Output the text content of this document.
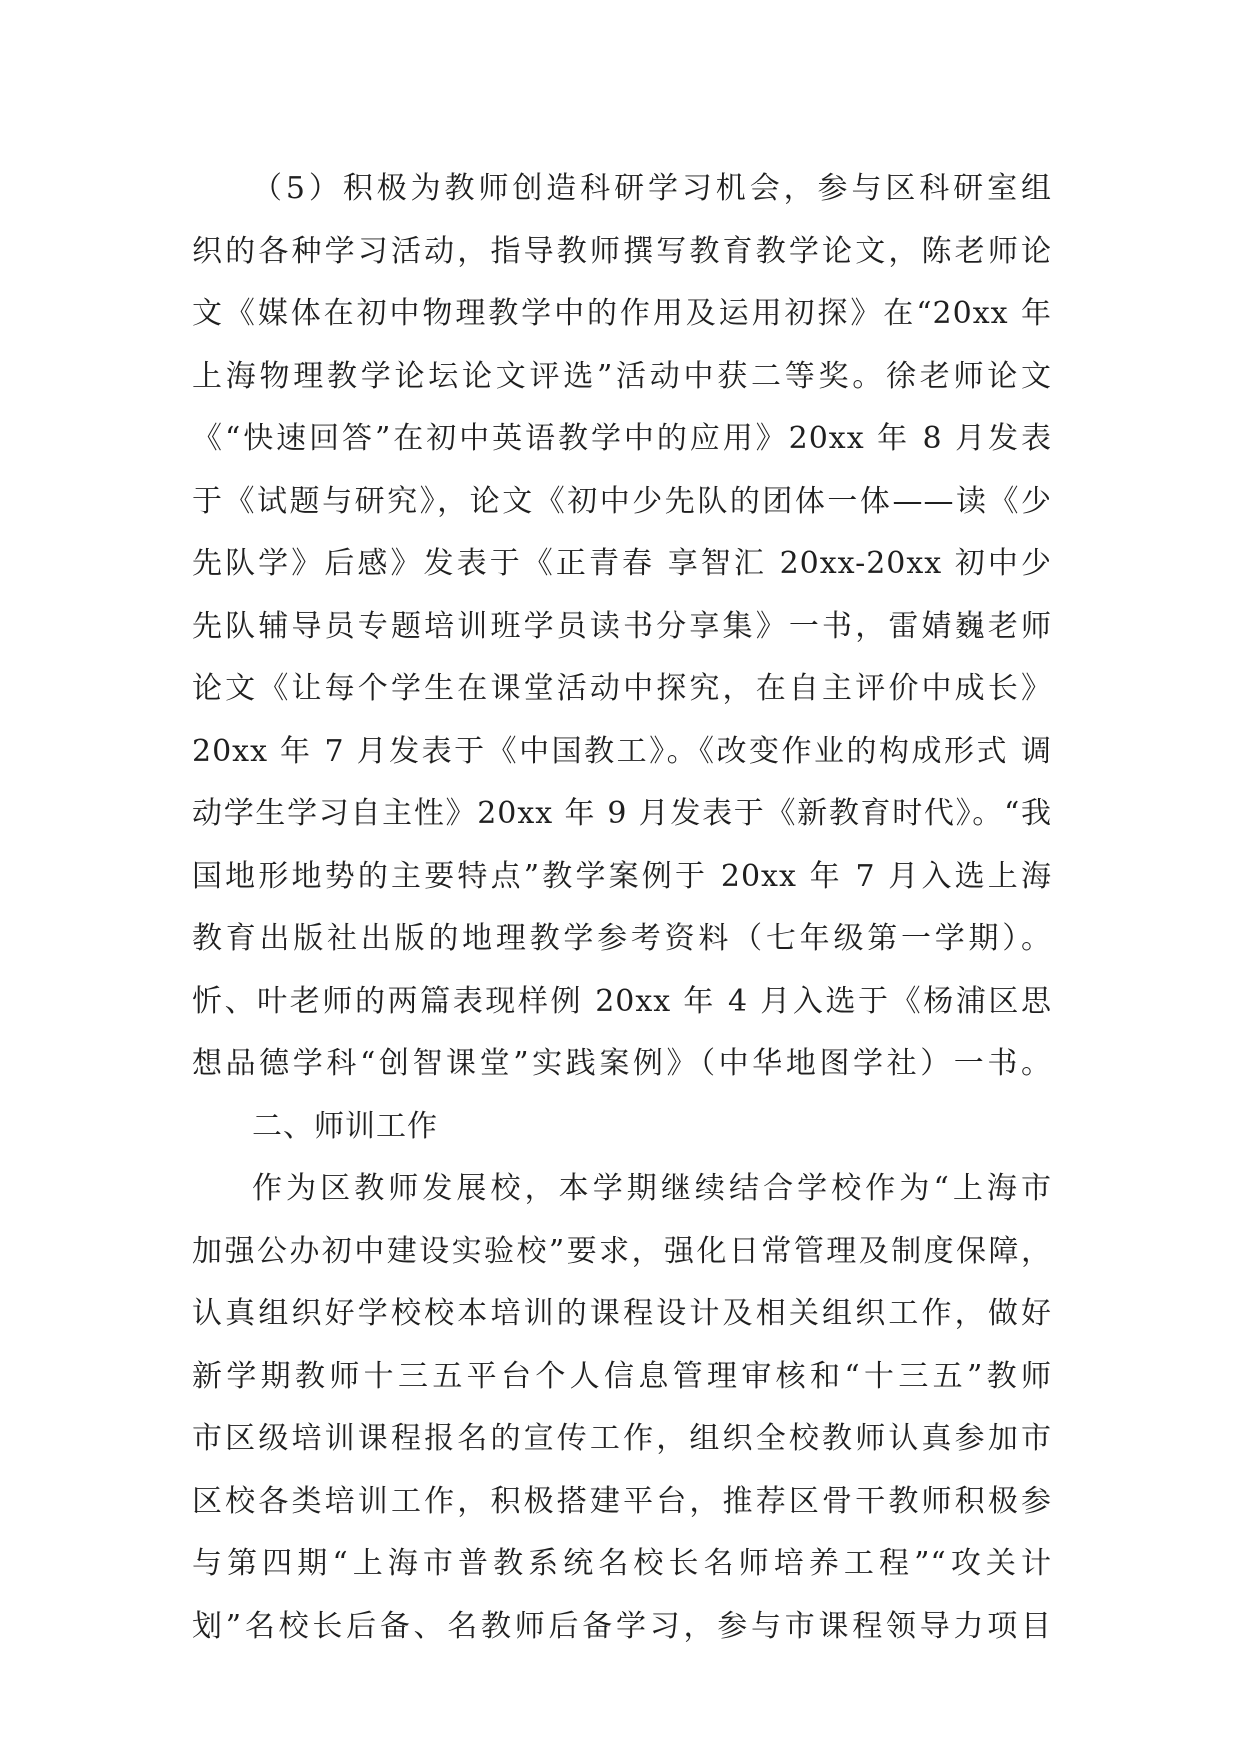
（5）积极为教师创造科研学习机会，参与区科研室组
织的各种学习活动，指导教师撰写教育教学论文，陈老师论
文《媒体在初中物理教学中的作用及运用初探》在“20xx 年
上海物理教学论坛论文评选”活动中获二等奖。徐老师论文
《“快速回答”在初中英语教学中的应用》20xx 年 8 月发表
于《试题与研究》，论文《初中少先队的团体一体——读《少
先队学》后感》发表于《正青春 享智汇 20xx-20xx 初中少
先队辅导员专题培训班学员读书分享集》一书，雷婧巍老师
论文《让每个学生在课堂活动中探究，在自主评价中成长》
20xx 年 7 月发表于《中国教工》。《改变作业的构成形式 调
动学生学习自主性》20xx 年 9 月发表于《新教育时代》。“我
国地形地势的主要特点”教学案例于 20xx 年 7 月入选上海
教育出版社出版的地理教学参考资料（七年级第一学期）。
忻、叶老师的两篇表现样例 20xx 年 4 月入选于《杨浦区思
想品德学科“创智课堂”实践案例》（中华地图学社）一书。
二、师训工作
作为区教师发展校，本学期继续结合学校作为“上海市
加强公办初中建设实验校”要求，强化日常管理及制度保障，
认真组织好学校校本培训的课程设计及相关组织工作，做好
新学期教师十三五平台个人信息管理审核和“十三五”教师
市区级培训课程报名的宣传工作，组织全校教师认真参加市
区校各类培训工作，积极搭建平台，推荐区骨干教师积极参
与第四期“上海市普教系统名校长名师培养工程”“攻关计
划”名校长后备、名教师后备学习，参与市课程领导力项目
